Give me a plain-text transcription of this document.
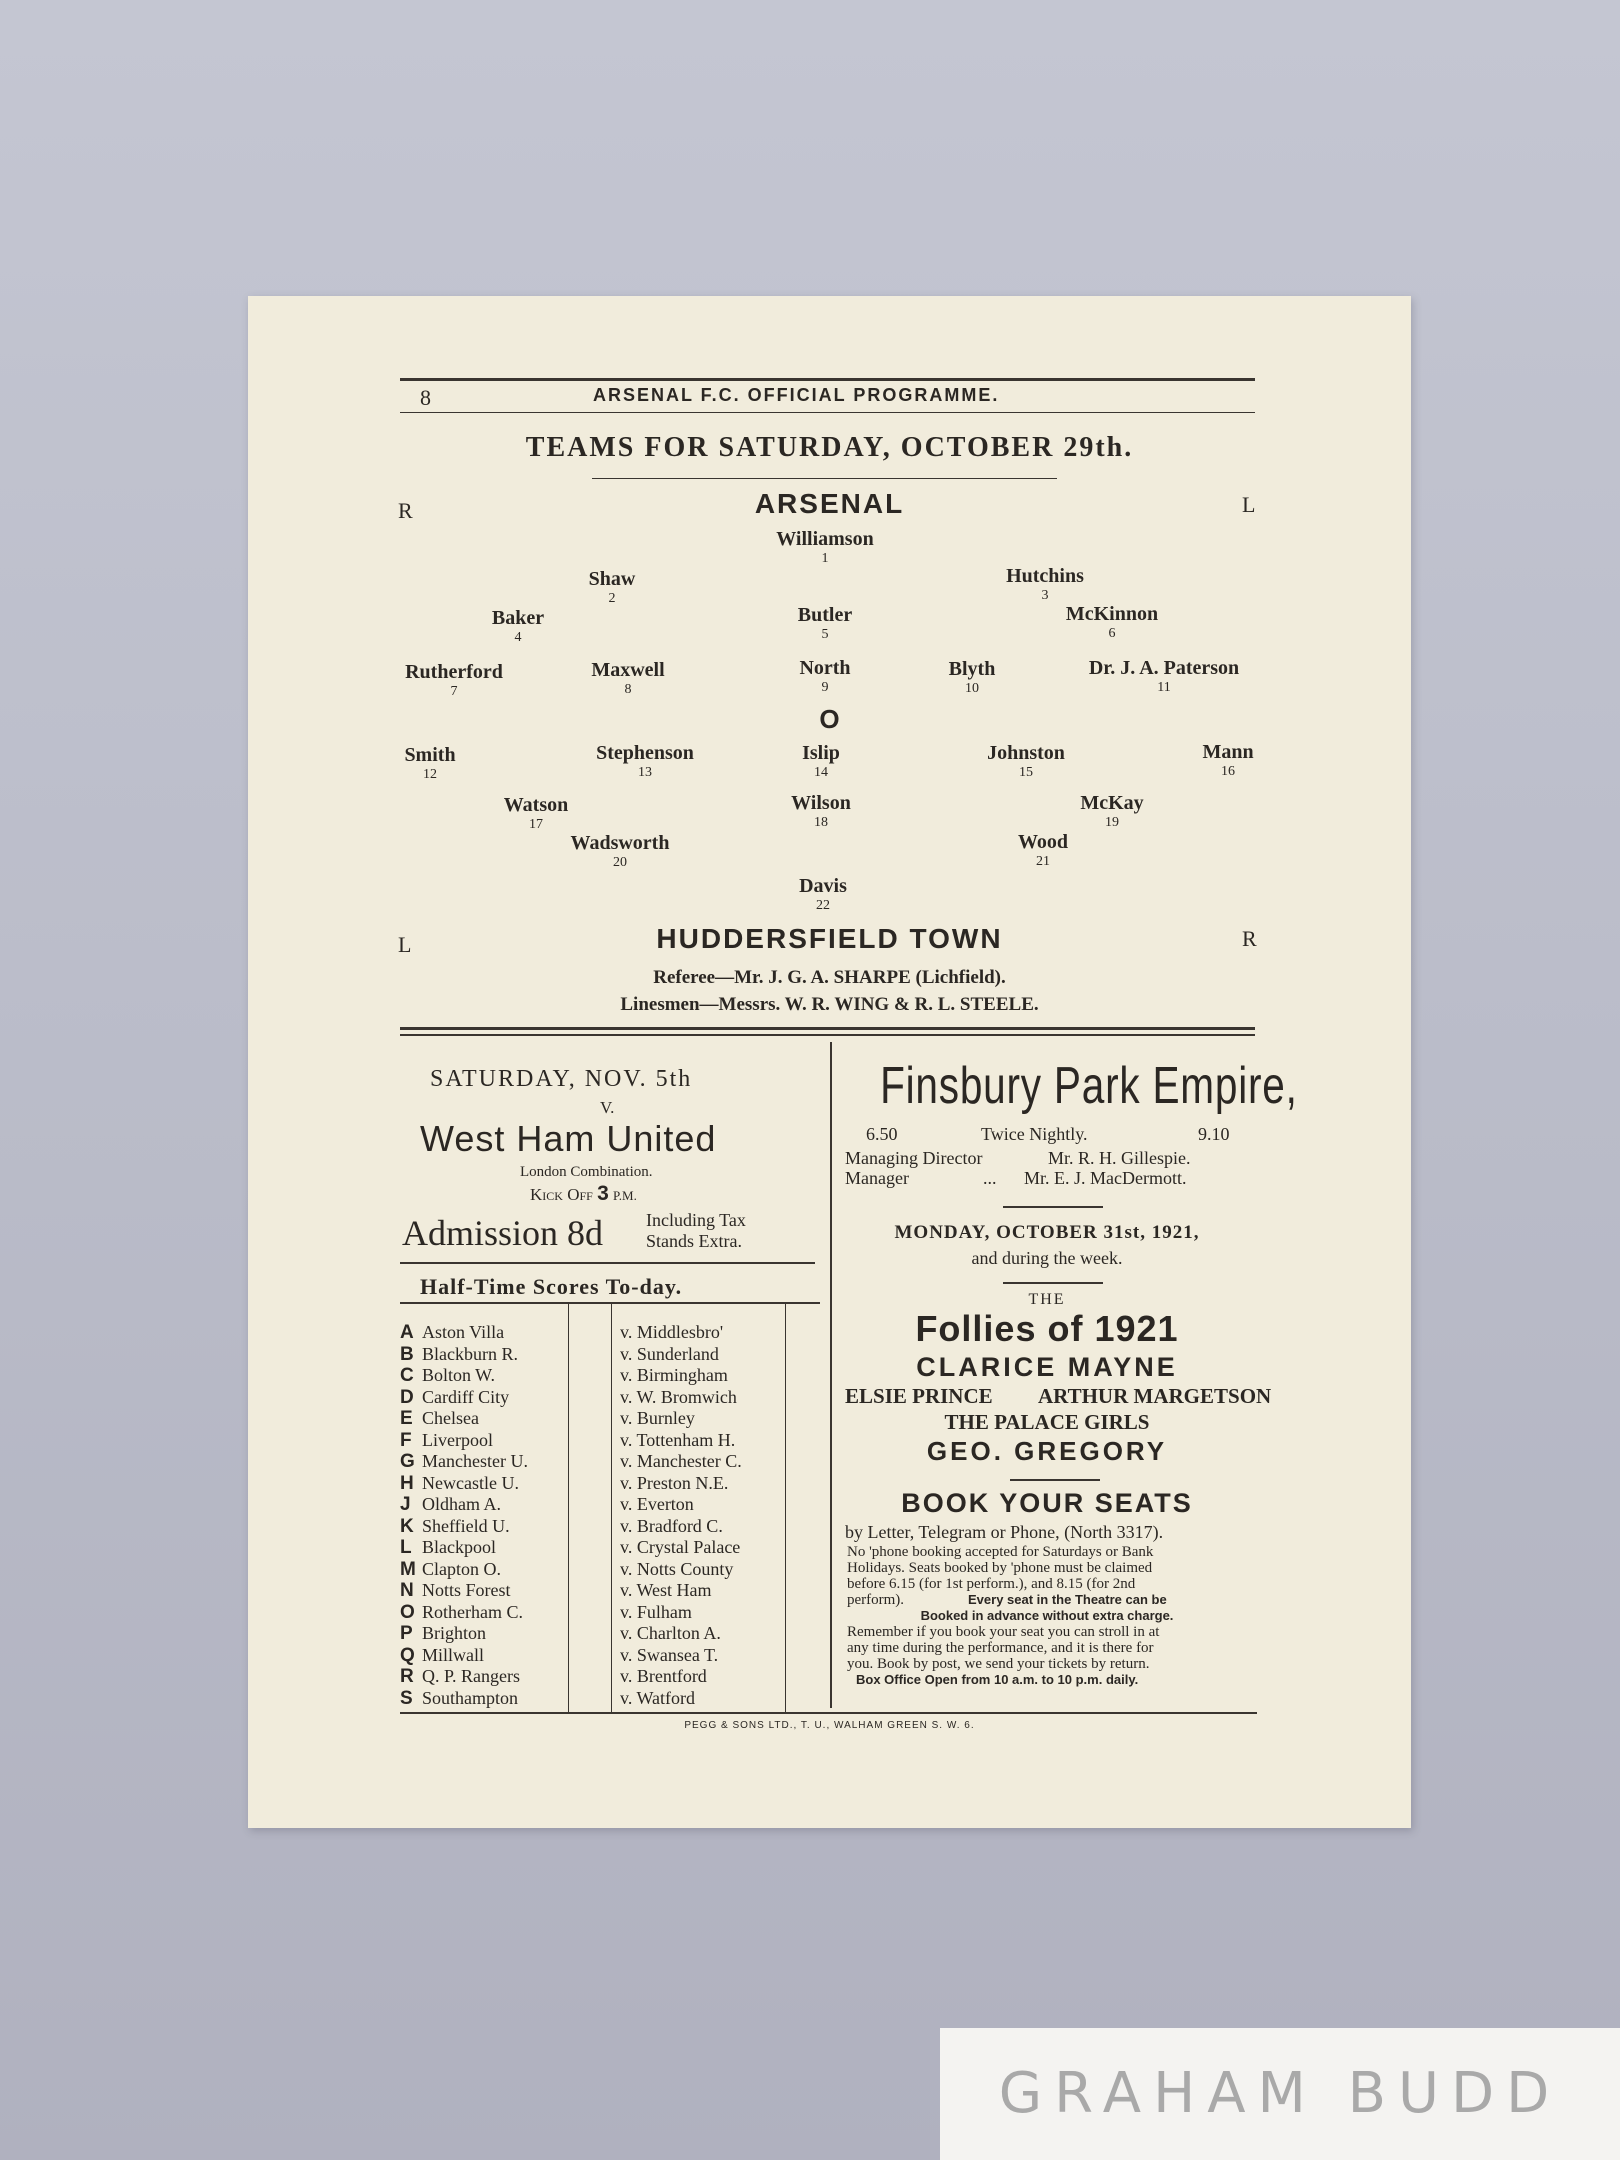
8	ARSENAL F.C. OFFICIAL PROGRAMME.
TEAMS FOR SATURDAY, OCTOBER 29th.
R	L
ARSENAL
Williamson
1
Shaw
2
Hutchins
3
Baker
4
Butler
5
McKinnon
6
Rutherford
7
Maxwell
8
North
9
Blyth
10
Dr. J. A. Paterson
11
Smith
12
Stephenson
13
Islip
14
Johnston
15
Mann
16
Watson
17
Wilson
18
McKay
19
Wadsworth
20
Wood
21
Davis
22
O
L	R
HUDDERSFIELD TOWN
Referee—Mr. J. G. A. SHARPE (Lichfield).
Linesmen—Messrs. W. R. WING & R. L. STEELE.
SATURDAY, NOV. 5th
V.
West Ham United
London Combination.
Kick Off 3 P.M.
Admission 8d Including Tax
Stands Extra.
Half-Time Scores To-day.
A Aston Villa	v. Middlesbro'
B Blackburn R.	v. Sunderland
C Bolton W.	v. Birmingham
D Cardiff City	v. W. Bromwich
E Chelsea	v. Burnley
F Liverpool	v. Tottenham H.
G Manchester U.	v. Manchester C.
H Newcastle U.	v. Preston N.E.
J Oldham A.	v. Everton
K Sheffield U.	v. Bradford C.
L Blackpool	v. Crystal Palace
M Clapton O.	v. Notts County
N Notts Forest	v. West Ham
O Rotherham C.	v. Fulham
P Brighton	v. Charlton A.
Q Millwall	v. Swansea T.
R Q. P. Rangers	v. Brentford
S Southampton	v. Watford
Finsbury Park Empire,
6.50	Twice Nightly.	9.10
Managing Director	Mr. R. H. Gillespie.
Manager	... Mr. E. J. MacDermott.
MONDAY, OCTOBER 31st, 1921,
and during the week.
THE
Follies of 1921
CLARICE MAYNE
ELSIE PRINCE ARTHUR MARGETSON
THE PALACE GIRLS
GEO. GREGORY
BOOK YOUR SEATS
by Letter, Telegram or Phone, (North 3317).
No 'phone booking accepted for Saturdays or Bank
Holidays. Seats booked by 'phone must be claimed
before 6.15 (for 1st perform.), and 8.15 (for 2nd
perform).	Every seat in the Theatre can be
Booked in advance without extra charge.
Remember if you book your seat you can stroll in at
any time during the performance, and it is there for
you. Book by post, we send your tickets by return.
Box Office Open from 10 a.m. to 10 p.m. daily.
PEGG & SONS LTD., T. U., WALHAM GREEN S. W. 6.
GRAHAM BUDD
